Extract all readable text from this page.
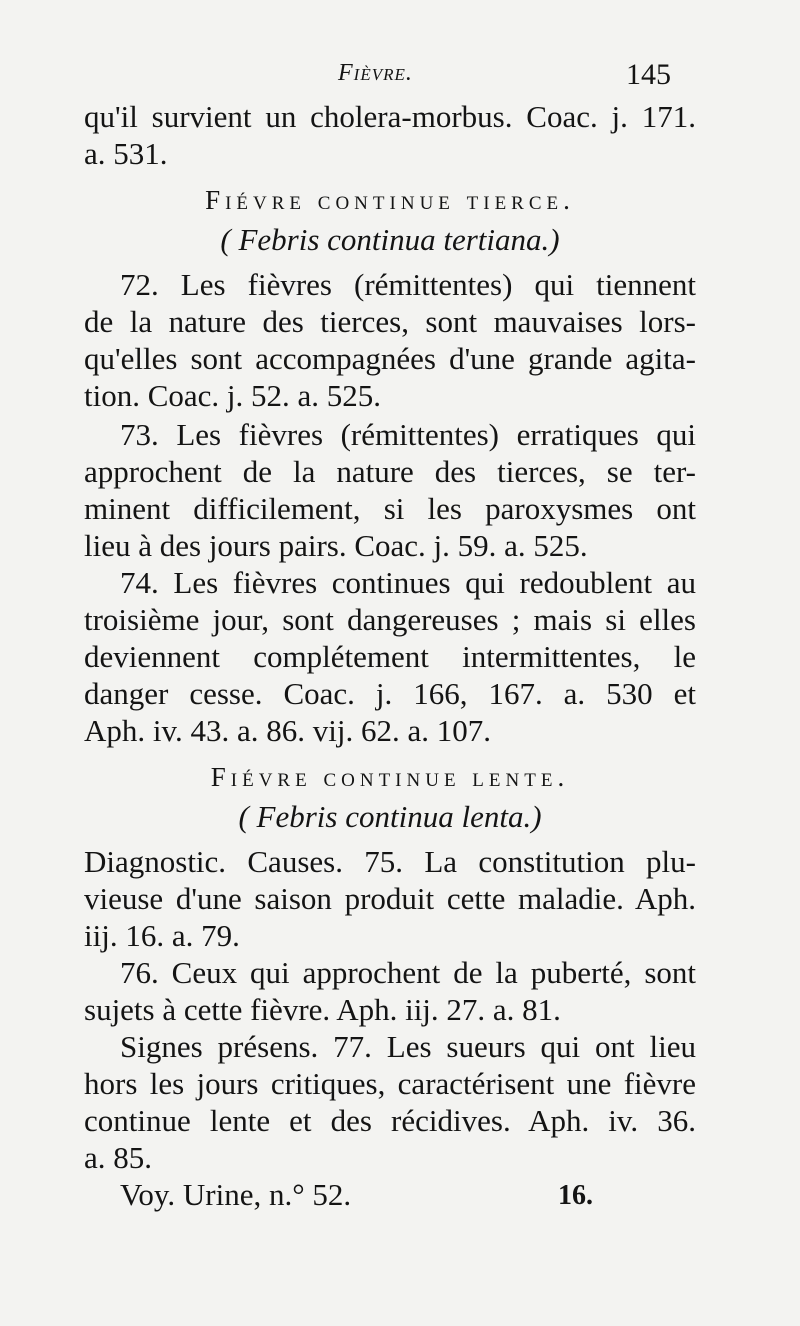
Fièvre.	145
qu'il survient un cholera-morbus. Coac. j. 171.
a. 531.
Fiévre continue tierce.
( Febris continua tertiana.)
72. Les fièvres (rémittentes) qui tiennent
de la nature des tierces, sont mauvaises lors-
qu'elles sont accompagnées d'une grande agita-
tion. Coac. j. 52. a. 525.
73. Les fièvres (rémittentes) erratiques qui
approchent de la nature des tierces, se ter-
minent difficilement, si les paroxysmes ont
lieu à des jours pairs. Coac. j. 59. a. 525.
74. Les fièvres continues qui redoublent au
troisième jour, sont dangereuses ; mais si elles
deviennent complétement intermittentes, le
danger cesse. Coac. j. 166, 167. a. 530 et
Aph. iv. 43. a. 86. vij. 62. a. 107.
Fiévre continue lente.
( Febris continua lenta.)
Diagnostic. Causes. 75. La constitution plu-
vieuse d'une saison produit cette maladie. Aph.
iij. 16. a. 79.
76. Ceux qui approchent de la puberté, sont
sujets à cette fièvre. Aph. iij. 27. a. 81.
Signes présens. 77. Les sueurs qui ont lieu
hors les jours critiques, caractérisent une fièvre
continue lente et des récidives. Aph. iv. 36.
a. 85.
Voy. Urine, n.° 52.	16.
